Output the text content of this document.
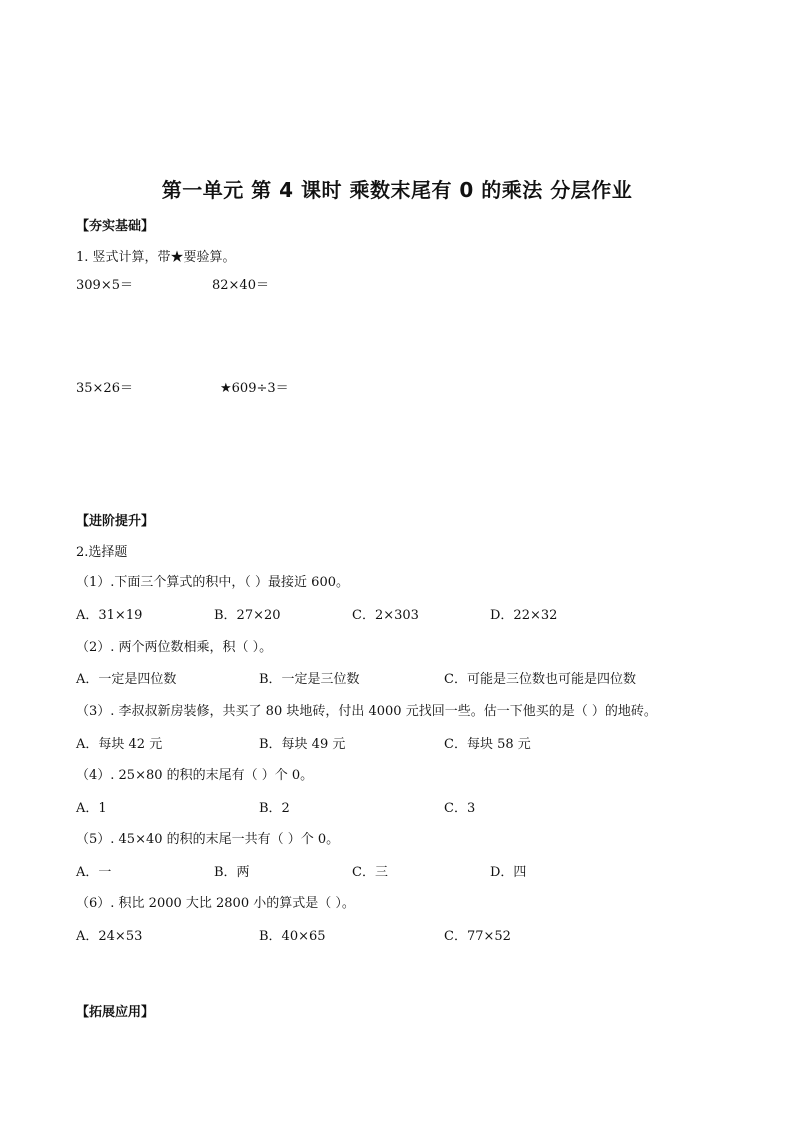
第一单元 第 4 课时 乘数末尾有 0 的乘法 分层作业
【夯实基础】
1. 竖式计算，带★要验算。
309×5＝	82×40＝
35×26＝	★609÷3＝
【进阶提升】
2.选择题
（1）.下面三个算式的积中，（ ）最接近 600。
A．31×19	B．27×20	C．2×303	D．22×32
（2）. 两个两位数相乘，积（ ）。
A．一定是四位数	B．一定是三位数	C．可能是三位数也可能是四位数
（3）. 李叔叔新房装修，共买了 80 块地砖，付出 4000 元找回一些。估一下他买的是（ ）的地砖。
A．每块 42 元	B．每块 49 元	C．每块 58 元
（4）. 25×80 的积的末尾有（ ）个 0。
A．1	B．2	C．3
（5）. 45×40 的积的末尾一共有（ ）个 0。
A．一	B．两	C．三	D．四
（6）. 积比 2000 大比 2800 小的算式是（ ）。
A．24×53	B．40×65	C．77×52
【拓展应用】
